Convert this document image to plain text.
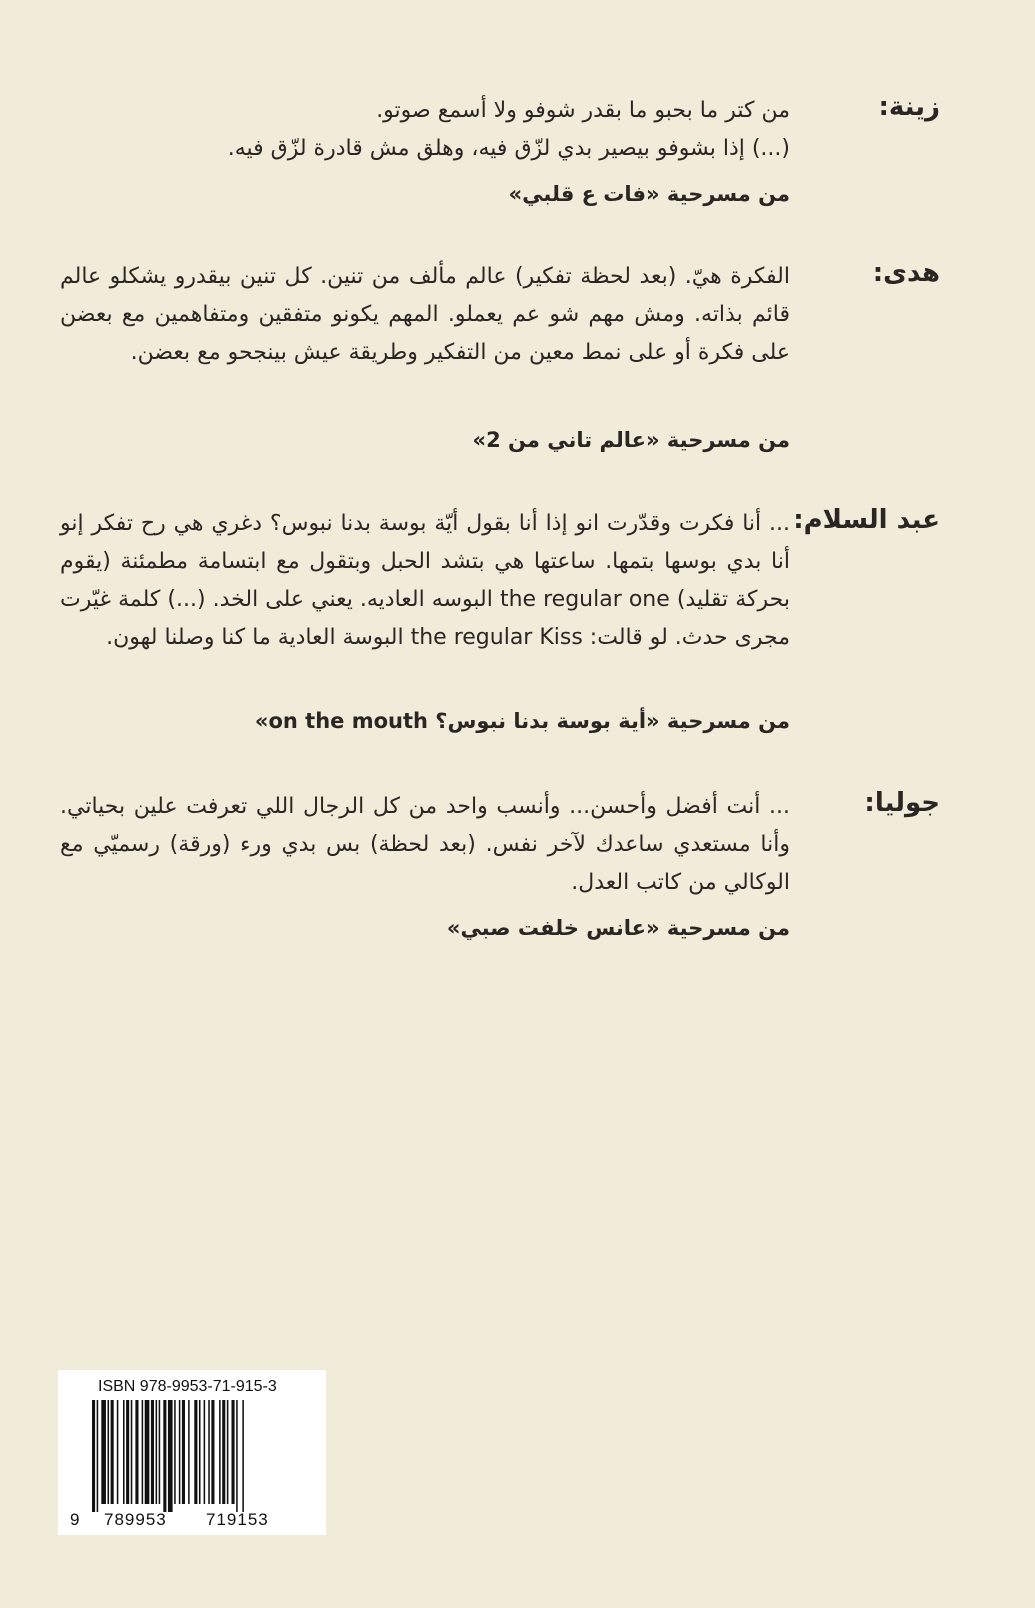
زينة:

من كتر ما بحبو ما بقدر شوفو ولا أسمع صوتو.

(...) إذا بشوفو بيصير بدي لزّق فيه، وهلق مش قادرة لزّق فيه.

من مسرحية «فات ع قلبي»
هدى:

الفكرة هيّ. (بعد لحظة تفكير) عالم مألف من تنين. كل تنين بيقدرو يشكلو عالم قائم بذاته. ومش مهم شو عم يعملو. المهم يكونو متفقين ومتفاهمين مع بعضن على فكرة أو على نمط معين من التفكير وطريقة عيش بينجحو مع بعضن.

من مسرحية «عالم تاني من 2»
عبد السلام:

... أنا فكرت وقدّرت انو إذا أنا بقول أيّة بوسة بدنا نبوس؟ دغري هي رح تفكر إنو أنا بدي بوسها بتمها. ساعتها هي بتشد الحبل وبتقول مع ابتسامة مطمئنة (يقوم بحركة تقليد) the regular one البوسه العاديه. يعني على الخد. (...) كلمة غيّرت مجرى حدث. لو قالت: the regular Kiss البوسة العادية ما كنا وصلنا لهون.

من مسرحية «أية بوسة بدنا نبوس؟ on the mouth»
جوليا:

... أنت أفضل وأحسن... وأنسب واحد من كل الرجال اللي تعرفت علين بحياتي. وأنا مستعدي ساعدك لآخر نفس. (بعد لحظة) بس بدي ورء (ورقة) رسميّي مع الوكالي من كاتب العدل.

من مسرحية «عانس خلفت صبي»
ISBN 978-9953-71-915-3
9 789953 719153
